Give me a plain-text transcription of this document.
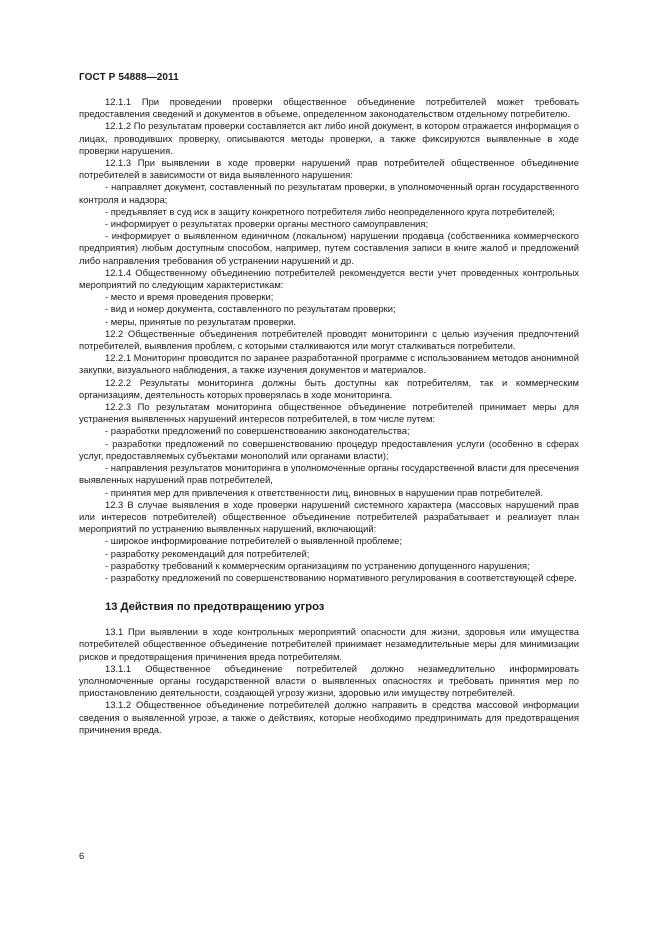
ГОСТ Р 54888—2011

12.1.1 При проведении проверки общественное объединение потребителей может требовать предоставления сведений и документов в объеме, определенном законодательством отдельному потребителю.

12.1.2 По результатам проверки составляется акт либо иной документ, в котором отражается информация о лицах, проводивших проверку, описываются методы проверки, а также фиксируются выявленные в ходе проверки нарушения.

12.1.3 При выявлении в ходе проверки нарушений прав потребителей общественное объединение потребителей в зависимости от вида выявленного нарушения:

- направляет документ, составленный по результатам проверки, в уполномоченный орган государственного контроля и надзора;

- предъявляет в суд иск в защиту конкретного потребителя либо неопределенного круга потребителей;

- информирует о результатах проверки органы местного самоуправления;

- информирует о выявленном единичном (локальном) нарушении продавца (собственника коммерческого предприятия) любым доступным способом, например, путем составления записи в книге жалоб и предложений либо направления требования об устранении нарушений и др.

12.1.4 Общественному объединению потребителей рекомендуется вести учет проведенных контрольных мероприятий по следующим характеристикам:

- место и время проведения проверки;

- вид и номер документа, составленного по результатам проверки;

- меры, принятые по результатам проверки.

12.2 Общественные объединения потребителей проводят мониторинги с целью изучения предпочтений потребителей, выявления проблем, с которыми сталкиваются или могут сталкиваться потребители.

12.2.1 Мониторинг проводится по заранее разработанной программе с использованием методов анонимной закупки, визуального наблюдения, а также изучения документов и материалов.

12.2.2 Результаты мониторинга должны быть доступны как потребителям, так и коммерческим организациям, деятельность которых проверялась в ходе мониторинга.

12.2.3 По результатам мониторинга общественное объединение потребителей принимает меры для устранения выявленных нарушений интересов потребителей, в том числе путем:

- разработки предложений по совершенствованию законодательства;

- разработки предложений по совершенствованию процедур предоставления услуги (особенно в сферах услуг, предоставляемых субъектами монополий или органами власти);

- направления результатов мониторинга в уполномоченные органы государственной власти для пресечения выявленных нарушений прав потребителей,

- принятия мер для привлечения к ответственности лиц, виновных в нарушении прав потребителей.

12.3 В случае выявления в ходе проверки нарушений системного характера (массовых нарушений прав или интересов потребителей) общественное объединение потребителей разрабатывает и реализует план мероприятий по устранению выявленных нарушений, включающий:

- широкое информирование потребителей о выявленной проблеме;

- разработку рекомендаций для потребителей;

- разработку требований к коммерческим организациям по устранению допущенного нарушения;

- разработку предложений по совершенствованию нормативного регулирования в соответствующей сфере.

13 Действия по предотвращению угроз

13.1 При выявлении в ходе контрольных мероприятий опасности для жизни, здоровья или имущества потребителей общественное объединение потребителей принимает незамедлительные меры для минимизации рисков и предотвращения причинения вреда потребителям.

13.1.1 Общественное объединение потребителей должно незамедлительно информировать уполномоченные органы государственной власти о выявленных опасностях и требовать принятия мер по приостановлению деятельности, создающей угрозу жизни, здоровью или имуществу потребителей.

13.1.2 Общественное объединение потребителей должно направить в средства массовой информации сведения о выявленной угрозе, а также о действиях, которые необходимо предпринимать для предотвращения причинения вреда.

6
